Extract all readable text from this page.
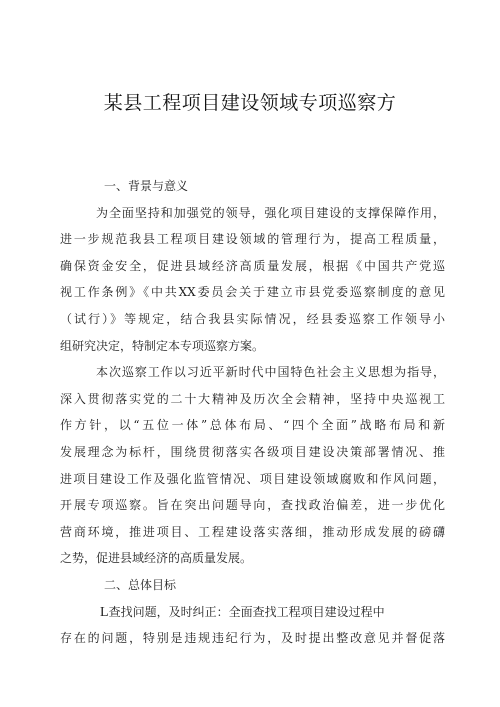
某县工程项目建设领域专项巡察方
一、背景与意义
为全面坚持和加强党的领导，强化项目建设的支撑保障作用，
进一步规范我县工程项目建设领域的管理行为，提高工程质量，
确保资金安全，促进县域经济高质量发展，根据《中国共产党巡
视工作条例》《中共XX委员会关于建立市县党委巡察制度的意见
（试行）》等规定，结合我县实际情况，经县委巡察工作领导小
组研究决定，特制定本专项巡察方案。
本次巡察工作以习近平新时代中国特色社会主义思想为指导，
深入贯彻落实党的二十大精神及历次全会精神，坚持中央巡视工
作方针，以“五位一体”总体布局、“四个全面”战略布局和新
发展理念为标杆，围绕贯彻落实各级项目建设决策部署情况、推
进项目建设工作及强化监管情况、项目建设领域腐败和作风问题，
开展专项巡察。旨在突出问题导向，查找政治偏差，进一步优化
营商环境，推进项目、工程建设落实落细，推动形成发展的磅礴
之势，促进县域经济的高质量发展。
二、总体目标
L查找问题，及时纠正：全面查找工程项目建设过程中
存在的问题，特别是违规违纪行为，及时提出整改意见并督促落
